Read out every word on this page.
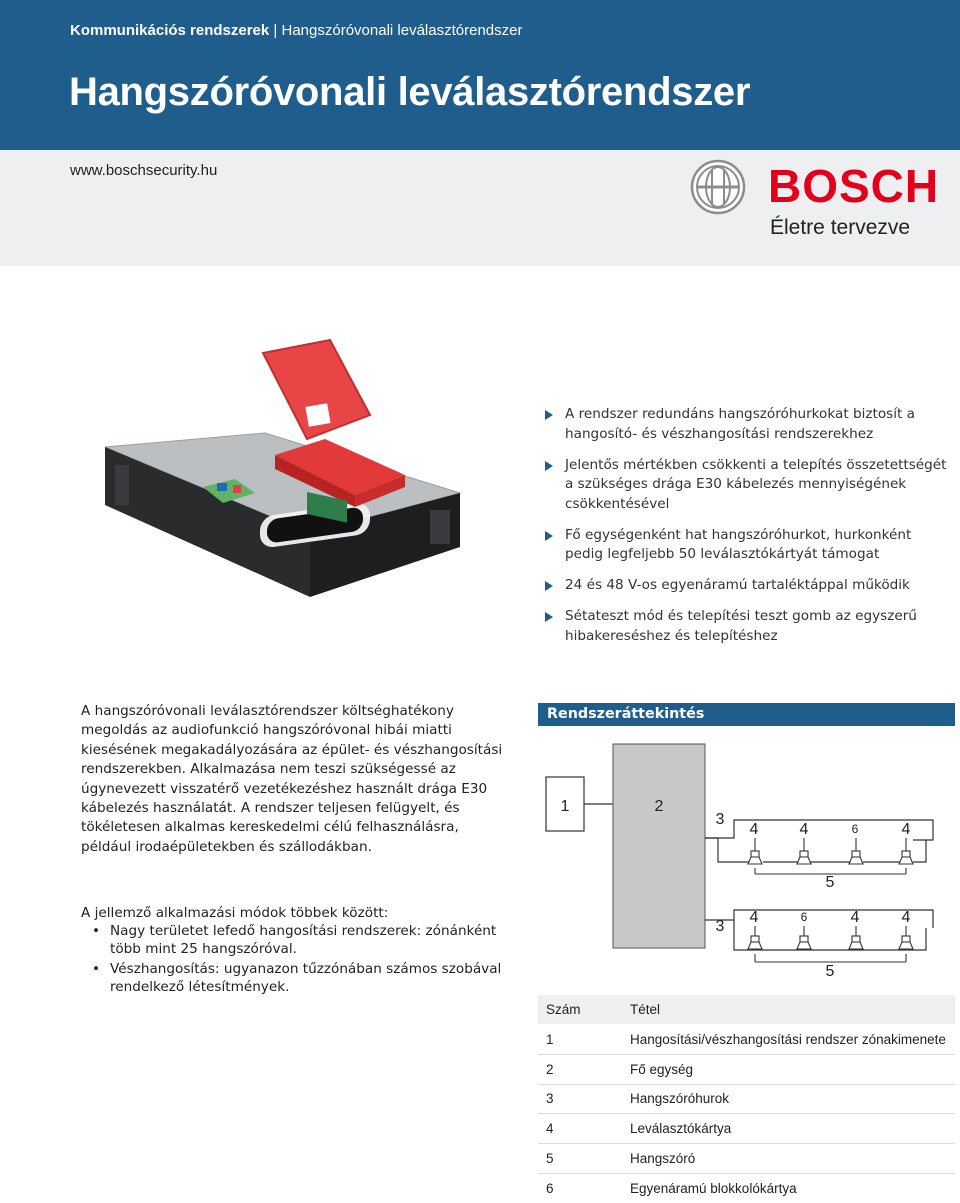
Kommunikációs rendszerek | Hangszóróvonali leválasztórendszer
Hangszóróvonali leválasztórendszer
www.boschsecurity.hu	BOSCH
Életre tervezve
A rendszer redundáns hangszóróhurkokat biztosít a hangosító- és vészhangosítási rendszerekhez
Jelentős mértékben csökkenti a telepítés összetettségét a szükséges drága E30 kábelezés mennyiségének csökkentésével
Fő egységenként hat hangszóróhurkot, hurkonként pedig legfeljebb 50 leválasztókártyát támogat
24 és 48 V-os egyenáramú tartaléktáppal működik
Sétateszt mód és telepítési teszt gomb az egyszerű hibakereséshez és telepítéshez

A hangszóróvonali leválasztórendszer költséghatékony megoldás az audiofunkció hangszóróvonal hibái miatti kiesésének megakadályozására az épület- és vészhangosítási rendszerekben. Alkalmazása nem teszi szükségessé az úgynevezett visszatérő vezetékezéshez használt drága E30 kábelezés használatát. A rendszer teljesen felügyelt, és tökéletesen alkalmas kereskedelmi célú felhasználásra, például irodaépületekben és szállodákban.

A jellemző alkalmazási módok többek között:

• Nagy területet lefedő hangosítási rendszerek: zónánként több mint 25 hangszóróval.
• Vészhangosítás: ugyanazon tűzzónában számos szobával rendelkező létesítmények.
Rendszeráttekintés
1	2
3
4	4	6	4
5
3
4	6	4	4
5
Szám	Tétel
1	Hangosítási/vészhangosítási rendszer zónakimenete
2	Fő egység
3	Hangszóróhurok
4	Leválasztókártya
5	Hangszóró
6	Egyenáramú blokkolókártya
